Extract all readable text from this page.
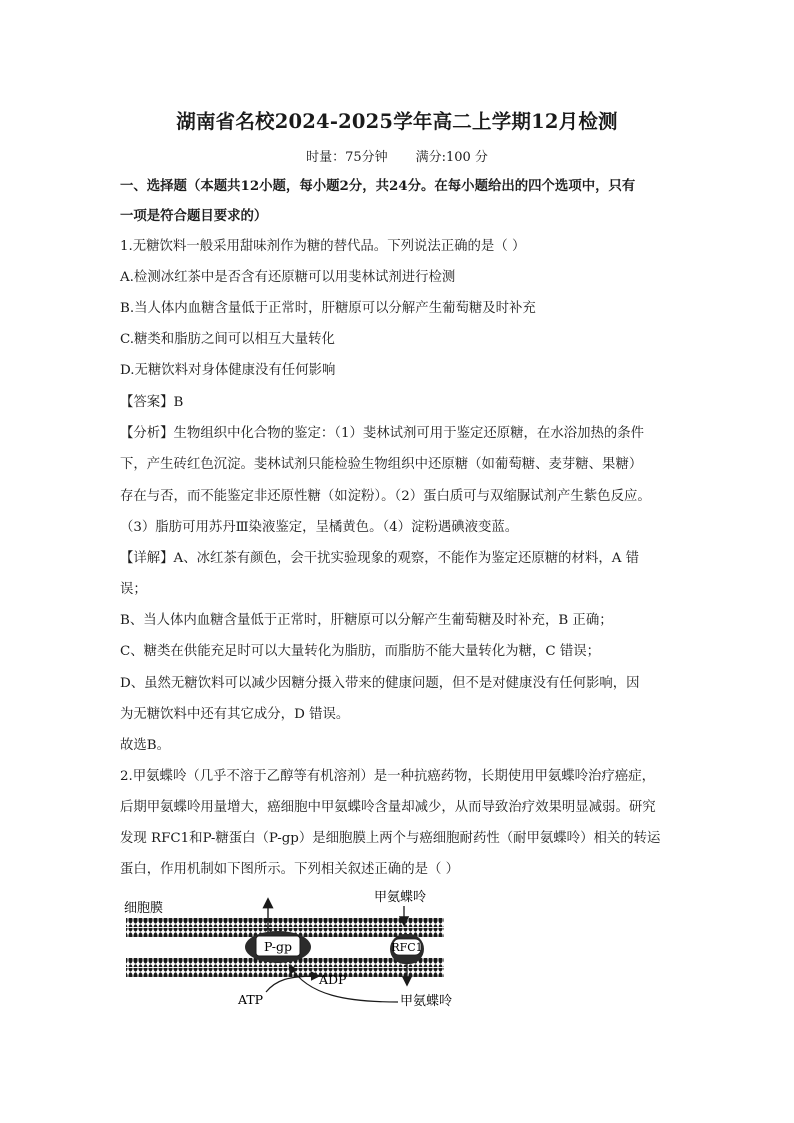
湖南省名校2024-2025学年高二上学期12月检测
时量：75分钟 满分:100 分
一、选择题（本题共12小题，每小题2分，共24分。在每小题给出的四个选项中，只有
一项是符合题目要求的）
1.无糖饮料一般采用甜味剂作为糖的替代品。下列说法正确的是（ ）
A.检测冰红茶中是否含有还原糖可以用斐林试剂进行检测
B.当人体内血糖含量低于正常时，肝糖原可以分解产生葡萄糖及时补充
C.糖类和脂肪之间可以相互大量转化
D.无糖饮料对身体健康没有任何影响
【答案】B
【分析】生物组织中化合物的鉴定：（1）斐林试剂可用于鉴定还原糖，在水浴加热的条件
下，产生砖红色沉淀。斐林试剂只能检验生物组织中还原糖（如葡萄糖、麦芽糖、果糖）
存在与否，而不能鉴定非还原性糖（如淀粉）。（2）蛋白质可与双缩脲试剂产生紫色反应。
（3）脂肪可用苏丹Ⅲ染液鉴定，呈橘黄色。（4）淀粉遇碘液变蓝。
【详解】A、冰红茶有颜色，会干扰实验现象的观察，不能作为鉴定还原糖的材料，A 错
误；
B、当人体内血糖含量低于正常时，肝糖原可以分解产生葡萄糖及时补充，B 正确；
C、糖类在供能充足时可以大量转化为脂肪，而脂肪不能大量转化为糖，C 错误；
D、虽然无糖饮料可以减少因糖分摄入带来的健康问题，但不是对健康没有任何影响，因
为无糖饮料中还有其它成分，D 错误。
故选B。
2.甲氨蝶呤（几乎不溶于乙醇等有机溶剂）是一种抗癌药物，长期使用甲氨蝶呤治疗癌症，
后期甲氨蝶呤用量增大，癌细胞中甲氨蝶呤含量却减少，从而导致治疗效果明显减弱。研究
发现 RFC1和P-糖蛋白（P-gp）是细胞膜上两个与癌细胞耐药性（耐甲氨蝶呤）相关的转运
蛋白，作用机制如下图所示。下列相关叙述正确的是（ ）
细胞膜
P-gp
甲氨蝶呤
RFC1
ADP
ATP	甲氨蝶呤
